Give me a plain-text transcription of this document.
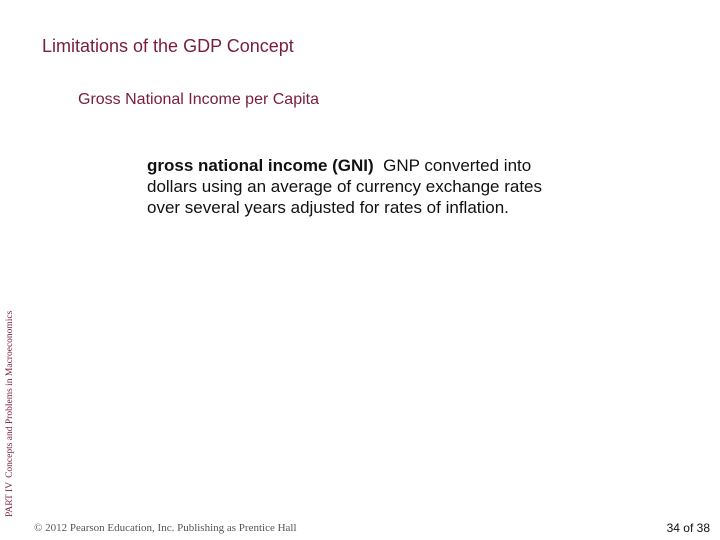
Limitations of the GDP Concept
Gross National Income per Capita
gross national income (GNI) GNP converted into
dollars using an average of currency exchange rates
over several years adjusted for rates of inflation.
PART IVConcepts and Problems in Macroeconomics
© 2012 Pearson Education, Inc. Publishing as Prentice Hall	34 of 38
